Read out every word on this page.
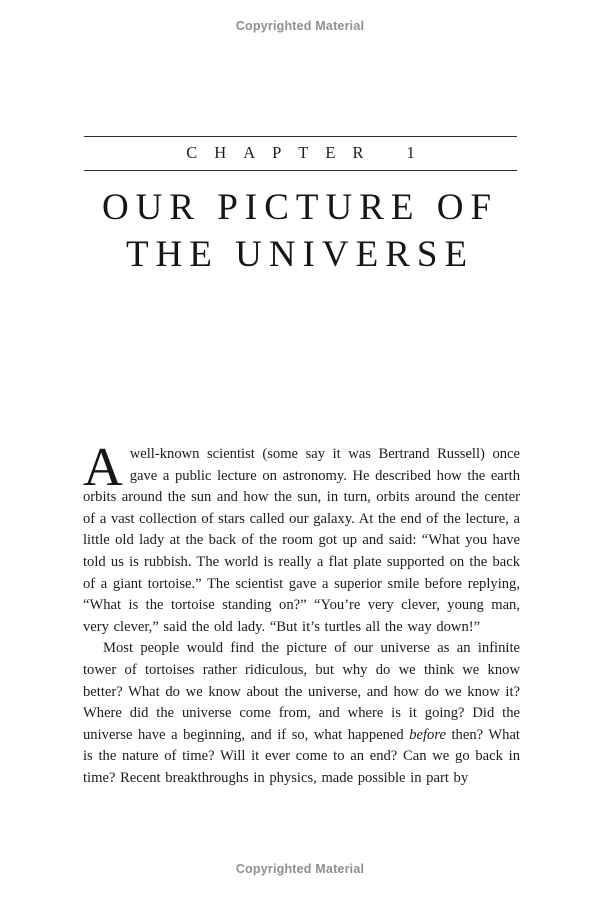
Copyrighted Material
CHAPTER 1
OUR PICTURE OF
THE UNIVERSE

Awell-known scientist (some say it was Bertrand Russell) once gave a public lecture on astronomy. He described how the earth orbits around the sun and how the sun, in turn, orbits around the center of a vast collection of stars called our galaxy. At the end of the lecture, a little old lady at the back of the room got up and said: “What you have told us is rubbish. The world is really a flat plate supported on the back of a giant tortoise.” The scientist gave a superior smile before replying, “What is the tortoise standing on?” “You’re very clever, young man, very clever,” said the old lady. “But it’s turtles all the way down!”

Most people would find the picture of our universe as an infinite tower of tortoises rather ridiculous, but why do we think we know better? What do we know about the universe, and how do we know it? Where did the universe come from, and where is it going? Did the universe have a beginning, and if so, what happened before then? What is the nature of time? Will it ever come to an end? Can we go back in time? Recent breakthroughs in physics, made possible in part by

Copyrighted Material
